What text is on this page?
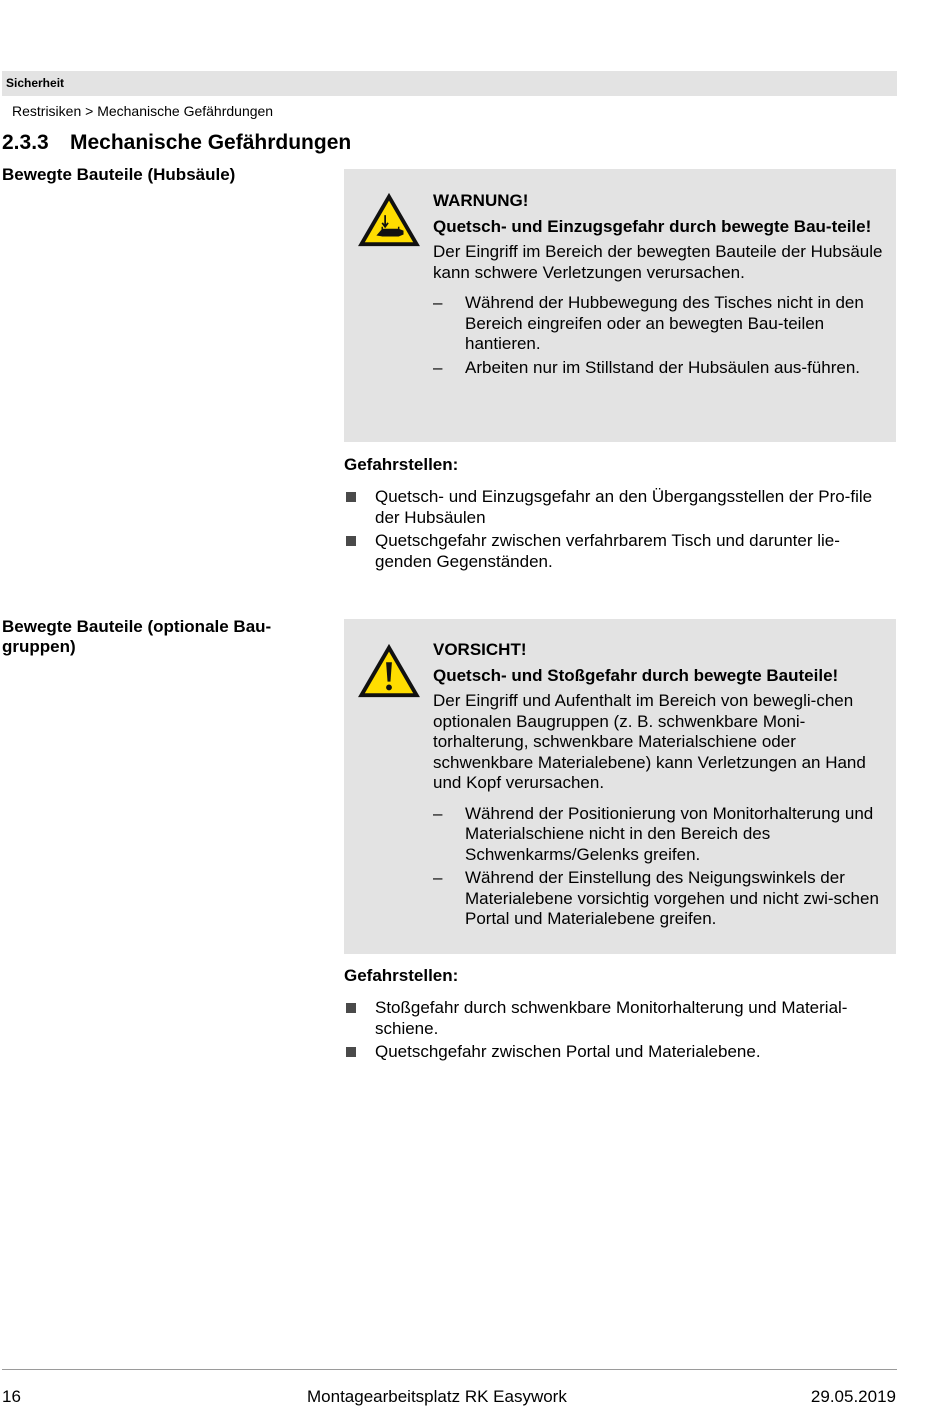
Sicherheit
Restrisiken > Mechanische Gefährdungen
2.3.3 Mechanische Gefährdungen
Bewegte Bauteile (Hubsäule)
WARNUNG!
Quetsch- und Einzugsgefahr durch bewegte Bau-teile!
Der Eingriff im Bereich der bewegten Bauteile der Hubsäule kann schwere Verletzungen verursachen.
– Während der Hubbewegung des Tisches nicht in den Bereich eingreifen oder an bewegten Bau-teilen hantieren.
– Arbeiten nur im Stillstand der Hubsäulen aus-führen.
Gefahrstellen:
Quetsch- und Einzugsgefahr an den Übergangsstellen der Pro-file der Hubsäulen
Quetschgefahr zwischen verfahrbarem Tisch und darunter lie-genden Gegenständen.
Bewegte Bauteile (optionale Bau-gruppen)	VORSICHT!
Quetsch- und Stoßgefahr durch bewegte Bauteile!
Der Eingriff und Aufenthalt im Bereich von bewegli-chen optionalen Baugruppen (z. B. schwenkbare Moni-torhalterung, schwenkbare Materialschiene oder schwenkbare Materialebene) kann Verletzungen an Hand und Kopf verursachen.
– Während der Positionierung von Monitorhalterung und Materialschiene nicht in den Bereich des Schwenkarms/Gelenks greifen.
– Während der Einstellung des Neigungswinkels der Materialebene vorsichtig vorgehen und nicht zwi-schen Portal und Materialebene greifen.
Gefahrstellen:
Stoßgefahr durch schwenkbare Monitorhalterung und Material-schiene.
Quetschgefahr zwischen Portal und Materialebene.
16	Montagearbeitsplatz RK Easywork	29.05.2019
